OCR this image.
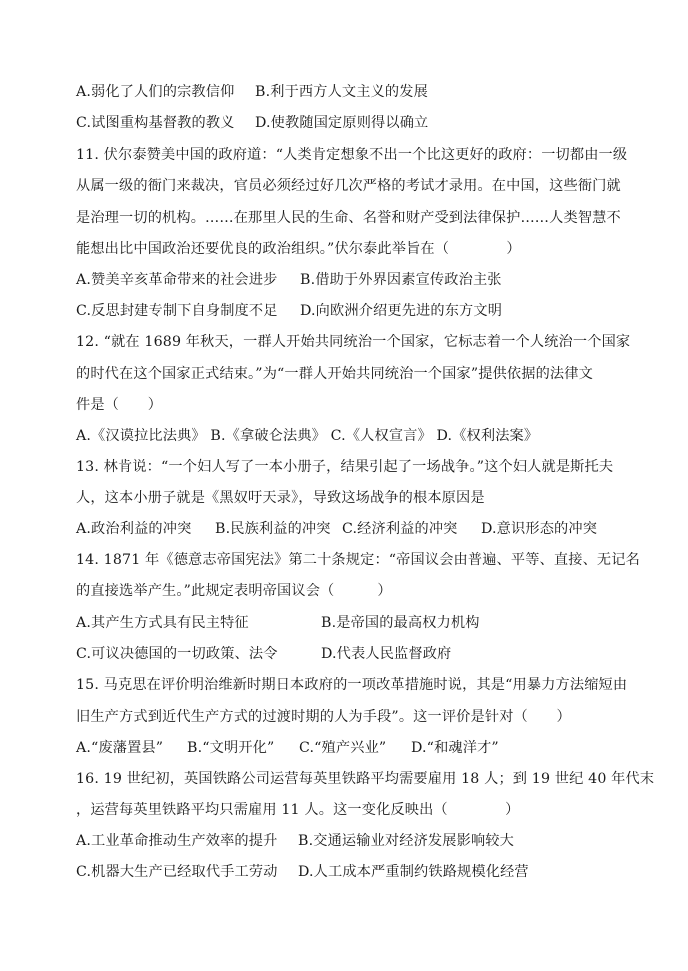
A.弱化了人们的宗教信仰 B.利于西方人文主义的发展
C.试图重构基督教的教义 D.使教随国定原则得以确立
11. 伏尔泰赞美中国的政府道：“人类肯定想象不出一个比这更好的政府：一切都由一级
从属一级的衙门来裁决，官员必须经过好几次严格的考试才录用。在中国，这些衙门就
是治理一切的机构。……在那里人民的生命、名誉和财产受到法律保护……人类智慧不
能想出比中国政治还要优良的政治组织。”伏尔泰此举旨在（　　　　）
A.赞美辛亥革命带来的社会进步 B.借助于外界因素宣传政治主张
C.反思封建专制下自身制度不足 D.向欧洲介绍更先进的东方文明
12. “就在 1689 年秋天，一群人开始共同统治一个国家，它标志着一个人统治一个国家
的时代在这个国家正式结束。”为“一群人开始共同统治一个国家”提供依据的法律文
件是（　　）
A.《汉谟拉比法典》 B.《拿破仑法典》 C.《人权宣言》 D.《权利法案》
13. 林肯说：“一个妇人写了一本小册子，结果引起了一场战争。”这个妇人就是斯托夫
人，这本小册子就是《黑奴吁天录》，导致这场战争的根本原因是
A.政治利益的冲突 B.民族利益的冲突 C.经济利益的冲突 D.意识形态的冲突
14. 1871 年《德意志帝国宪法》第二十条规定：“帝国议会由普遍、平等、直接、无记名
的直接选举产生。”此规定表明帝国议会（　　　）
A.其产生方式具有民主特征	B.是帝国的最高权力机构
C.可议决德国的一切政策、法令	D.代表人民监督政府
15. 马克思在评价明治维新时期日本政府的一项改革措施时说，其是“用暴力方法缩短由
旧生产方式到近代生产方式的过渡时期的人为手段”。这一评价是针对（　　）
A.“废藩置县” B.“文明开化” C.“殖产兴业” D.“和魂洋才”
16. 19 世纪初，英国铁路公司运营每英里铁路平均需要雇用 18 人；到 19 世纪 40 年代末
，运营每英里铁路平均只需雇用 11 人。这一变化反映出（　　　　）
A.工业革命推动生产效率的提升 B.交通运输业对经济发展影响较大
C.机器大生产已经取代手工劳动 D.人工成本严重制约铁路规模化经营
